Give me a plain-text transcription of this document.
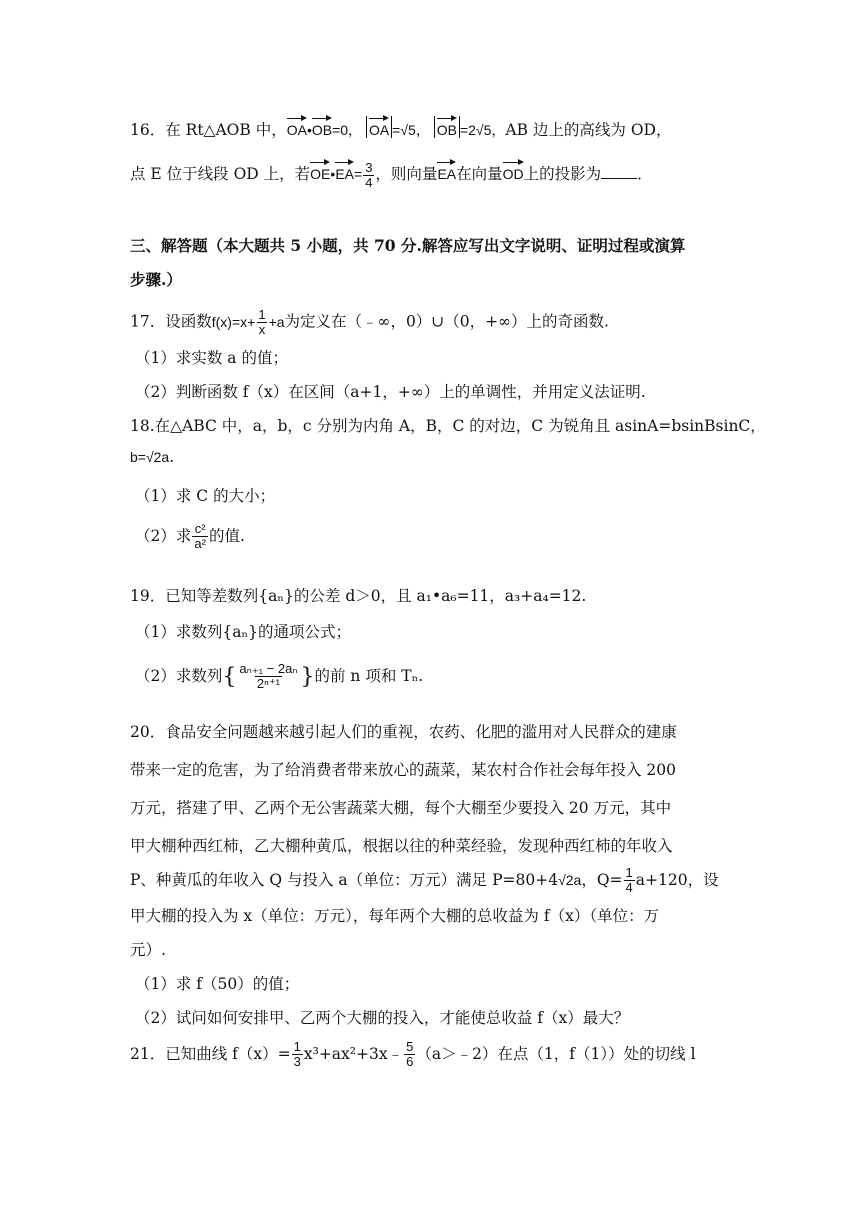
16．在 Rt△AOB 中，OA•OB=0， OA =√5， OB =2√5，AB 边上的高线为 OD，
点 E 位于线段 OD 上，若OE•EA= $\frac{3}{4}$ ，则向量EA在向量OD上的投影为 ．
三、解答题（本大题共 5 小题，共 70 分.解答应写出文字说明、证明过程或演算
步骤.）
17．设函数$f(x)=x+ \frac{1}{x} +a$为定义在（﹣∞，0）∪（0，+∞）上的奇函数.
（1）求实数 a 的值；
（2）判断函数 f（x）在区间（a+1，+∞）上的单调性，并用定义法证明.
18.在△ABC 中，a，b，c 分别为内角 A，B，C 的对边，C 为锐角且 asinA=bsinBsinC，
b=√2a.
（1）求 C 的大小；
（2）求 $\frac{\text{c²}}{\text{a²}}$ 的值.
19．已知等差数列{aₙ}的公差 d＞0，且 a₁•a₆=11，a₃+a₄=12.
（1）求数列{aₙ}的通项公式；
（2）求数列{ $\frac{\text{aₙ₊₁ − 2aₙ}}{\text{2ⁿ⁺¹}}$ }的前 n 项和 Tₙ.
20．食品安全问题越来越引起人们的重视，农药、化肥的滥用对人民群众的建康
带来一定的危害，为了给消费者带来放心的蔬菜，某农村合作社会每年投入 200
万元，搭建了甲、乙两个无公害蔬菜大棚，每个大棚至少要投入 20 万元，其中
甲大棚种西红柿，乙大棚种黄瓜，根据以往的种菜经验，发现种西红柿的年收入
P、种黄瓜的年收入 Q 与投入 a（单位：万元）满足 P=80+4√2a，$Q= \frac{1}{4} a+120$，设
甲大棚的投入为 x（单位：万元），每年两个大棚的总收益为 f（x）（单位：万
元）.
（1）求 f（50）的值；
（2）试问如何安排甲、乙两个大棚的投入，才能使总收益 f（x）最大？
21．已知曲线 $f(x)= \frac{1}{3}$ x³+ax²+3x﹣ $\frac{5}{6}$ （a＞﹣2）在点（1，f（1））处的切线 l
